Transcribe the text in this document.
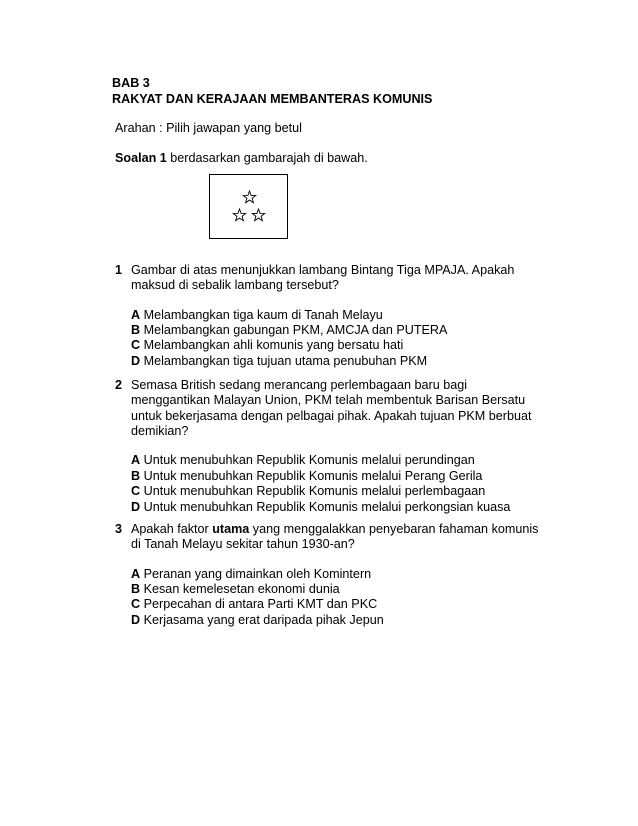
BAB 3
RAKYAT DAN KERAJAAN MEMBANTERAS KOMUNIS
Arahan : Pilih jawapan yang betul
Soalan 1 berdasarkan gambarajah di bawah.
1 Gambar di atas menunjukkan lambang Bintang Tiga MPAJA. Apakah
maksud di sebalik lambang tersebut?
A Melambangkan tiga kaum di Tanah Melayu
B Melambangkan gabungan PKM, AMCJA dan PUTERA
C Melambangkan ahli komunis yang bersatu hati
D Melambangkan tiga tujuan utama penubuhan PKM
2 Semasa British sedang merancang perlembagaan baru bagi
menggantikan Malayan Union, PKM telah membentuk Barisan Bersatu
untuk bekerjasama dengan pelbagai pihak. Apakah tujuan PKM berbuat
demikian?
A Untuk menubuhkan Republik Komunis melalui perundingan
B Untuk menubuhkan Republik Komunis melalui Perang Gerila
C Untuk menubuhkan Republik Komunis melalui perlembagaan
D Untuk menubuhkan Republik Komunis melalui perkongsian kuasa
3 Apakah faktor utama yang menggalakkan penyebaran fahaman komunis
di Tanah Melayu sekitar tahun 1930-an?
A Peranan yang dimainkan oleh Komintern
B Kesan kemelesetan ekonomi dunia
C Perpecahan di antara Parti KMT dan PKC
D Kerjasama yang erat daripada pihak Jepun
